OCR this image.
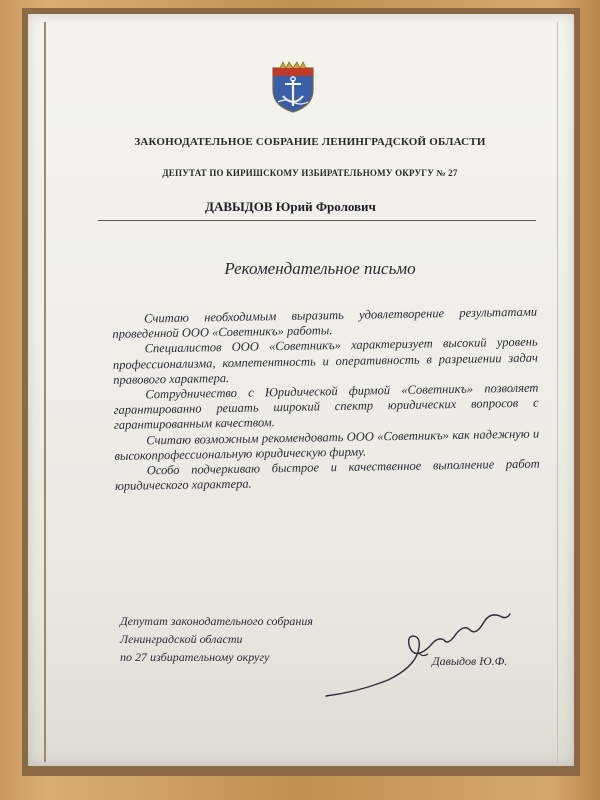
ЗАКОНОДАТЕЛЬНОЕ СОБРАНИЕ ЛЕНИНГРАДСКОЙ ОБЛАСТИ
ДЕПУТАТ ПО КИРИШСКОМУ ИЗБИРАТЕЛЬНОМУ ОКРУГУ № 27
ДАВЫДОВ Юрий Фролович
Рекомендательное письмо

Считаю необходимым выразить удовлетворение результатами проведенной ООО «Советникъ» работы.

Специалистов ООО «Советникъ» характеризует высокий уровень профессионализма, компетентность и оперативность в разрешении задач правового характера.

Сотрудничество с Юридической фирмой «Советникъ» позволяет гарантированно решать широкий спектр юридических вопросов с гарантированным качеством.

Считаю возможным рекомендовать ООО «Советникъ» как надежную и высокопрофессиональную юридическую фирму.

Особо подчеркиваю быстрое и качественное выполнение работ юридического характера.

Депутат законодательного собрания
Ленинградской области
по 27 избирательному округу	Давыдов Ю.Ф.
